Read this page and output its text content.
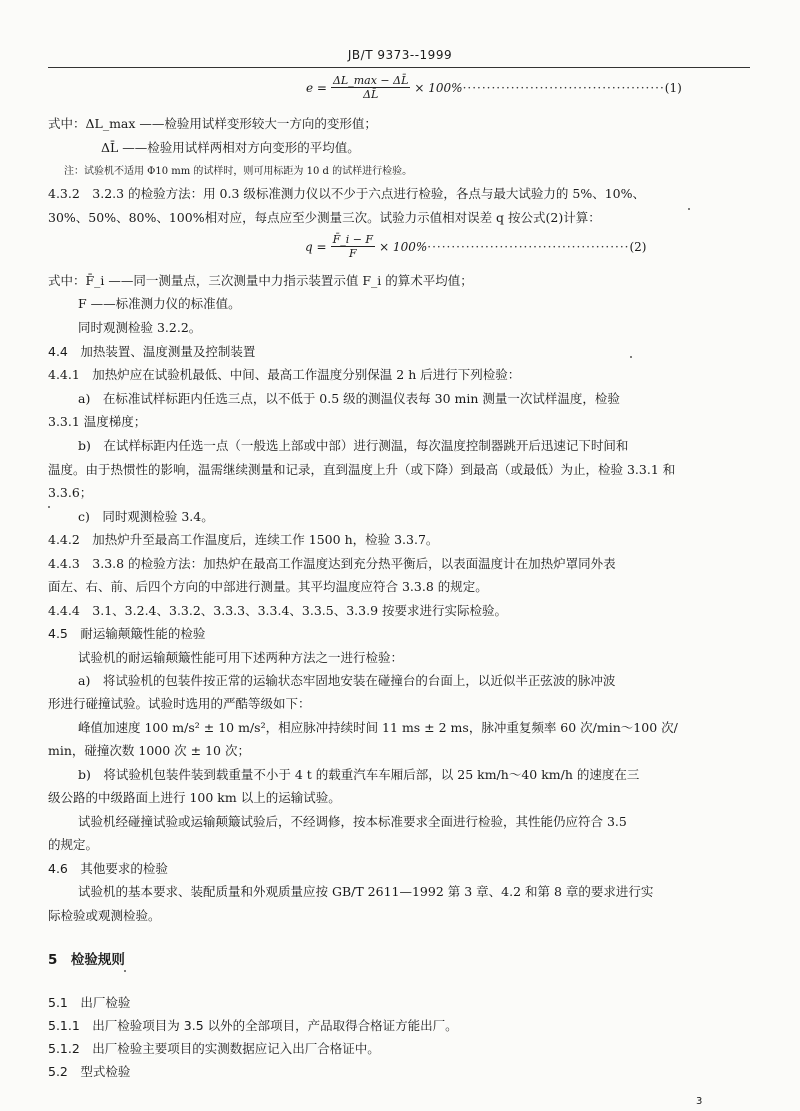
JB/T 9373--1999
$e = \frac{\Delta L\_\max - \Delta L̄}{\Delta L̄} \times 100\%$ ·········································· (1)
式中：ΔL_max ——检验用试样变形较大一方向的变形值；
ΔL̄ ——检验用试样两相对方向变形的平均值。
注：试验机不适用 Φ10 mm 的试样时，则可用标距为 10 d 的试样进行检验。
4.3.2　3.2.3 的检验方法：用 0.3 级标准测力仪以不少于六点进行检验，各点与最大试验力的 5%、10%、
30%、50%、80%、100%相对应，每点应至少测量三次。试验力示值相对误差 q 按公式(2)计算：
$q = \frac{F̄\_i - F}{F} \times 100\%$ ·········································· (2)
式中：F̄_i ——同一测量点，三次测量中力指示装置示值 F_i 的算术平均值；
F ——标准测力仪的标准值。
同时观测检验 3.2.2。
4.4　加热装置、温度测量及控制装置
4.4.1　加热炉应在试验机最低、中间、最高工作温度分别保温 2 h 后进行下列检验：
a)　在标准试样标距内任选三点，以不低于 0.5 级的测温仪表每 30 min 测量一次试样温度，检验
3.3.1 温度梯度；
b)　在试样标距内任选一点（一般选上部或中部）进行测温，每次温度控制器跳开后迅速记下时间和
温度。由于热惯性的影响，温需继续测量和记录，直到温度上升（或下降）到最高（或最低）为止，检验 3.3.1 和
3.3.6；
c)　同时观测检验 3.4。
4.4.2　加热炉升至最高工作温度后，连续工作 1500 h，检验 3.3.7。
4.4.3　3.3.8 的检验方法：加热炉在最高工作温度达到充分热平衡后，以表面温度计在加热炉罩同外表
面左、右、前、后四个方向的中部进行测量。其平均温度应符合 3.3.8 的规定。
4.4.4　3.1、3.2.4、3.3.2、3.3.3、3.3.4、3.3.5、3.3.9 按要求进行实际检验。
4.5　耐运输颠簸性能的检验
试验机的耐运输颠簸性能可用下述两种方法之一进行检验：
a)　将试验机的包装件按正常的运输状态牢固地安装在碰撞台的台面上，以近似半正弦波的脉冲波
形进行碰撞试验。试验时选用的严酷等级如下：
峰值加速度 100 m/s² ± 10 m/s²，相应脉冲持续时间 11 ms ± 2 ms，脉冲重复频率 60 次/min～100 次/
min，碰撞次数 1000 次 ± 10 次；
b)　将试验机包装件装到载重量不小于 4 t 的载重汽车车厢后部，以 25 km/h～40 km/h 的速度在三
级公路的中级路面上进行 100 km 以上的运输试验。
试验机经碰撞试验或运输颠簸试验后，不经调修，按本标准要求全面进行检验，其性能仍应符合 3.5
的规定。
4.6　其他要求的检验
试验机的基本要求、装配质量和外观质量应按 GB/T 2611—1992 第 3 章、4.2 和第 8 章的要求进行实
际检验或观测检验。
5　检验规则
5.1　出厂检验
5.1.1　出厂检验项目为 3.5 以外的全部项目，产品取得合格证方能出厂。
5.1.2　出厂检验主要项目的实测数据应记入出厂合格证中。
5.2　型式检验
3
